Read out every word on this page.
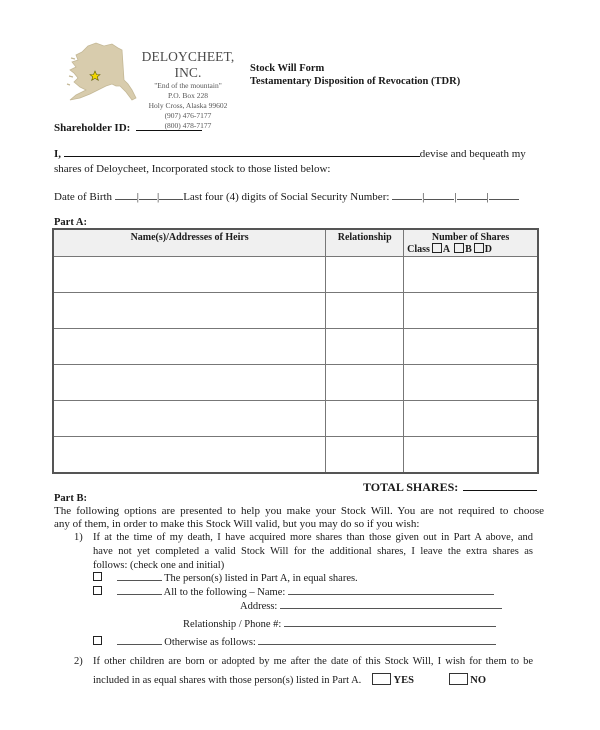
DELOYCHEET, INC.
"End of the mountain"
P.O. Box 228
Holy Cross, Alaska 99602
(907) 476-7177
(800) 478-7177
Stock Will Form
Testamentary Disposition of Revocation (TDR)
Shareholder ID:
I,	devise and bequeath my
shares of Deloycheet, Incorporated stock to those listed below:
Date of Birth | | Last four (4) digits of Social Security Number:	|	|	|
Part A:
Name(s)/Addresses of Heirs	Relationship	Number of Shares
Class A B D

TOTAL SHARES:
Part B:
The following options are presented to help you make your Stock Will. You are not required to choose
any of them, in order to make this Stock Will valid, but you may do so if you wish:
1) If at the time of my death, I have acquired more shares than those given out in Part A above, and
have not yet completed a valid Stock Will for the additional shares, I leave the extra shares as
follows: (check one and initial)
The person(s) listed in Part A, in equal shares.
All to the following – Name:
Address:
Relationship / Phone #:
Otherwise as follows:
2) If other children are born or adopted by me after the date of this Stock Will, I wish for them to be
included in as equal shares with those person(s) listed in Part A.	YES	NO
